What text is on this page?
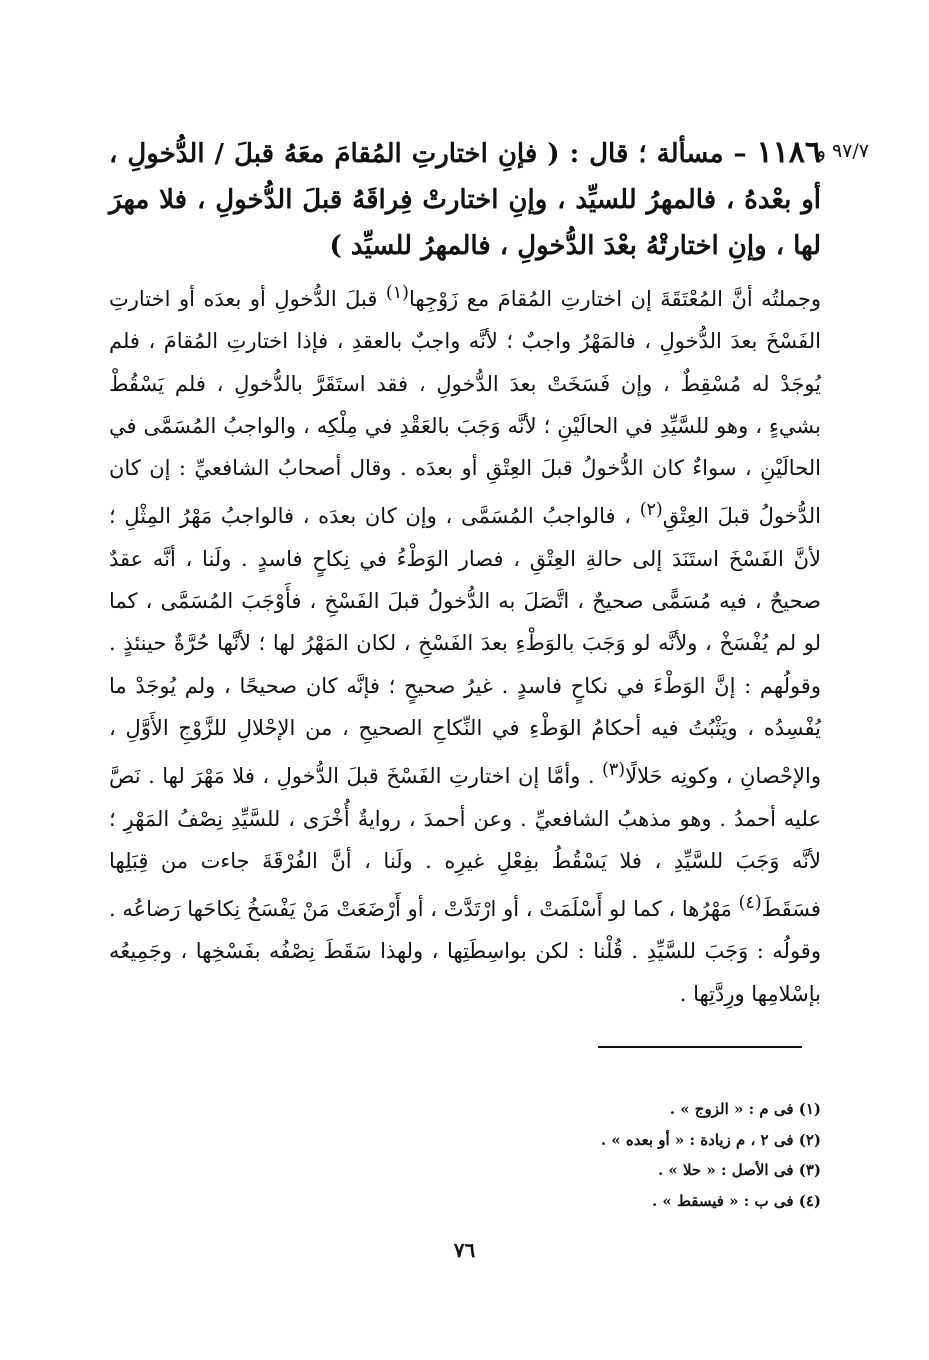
٩٧/٧ و
١١٨٦ – مسألة ؛ قال : ( فإنِ اختارتِ المُقامَ معَهُ قبلَ / الدُّخولِ ، أو بعْدهُ ، فالمهرُ للسيِّد ، وإنِ اختارتْ فِراقَهُ قبلَ الدُّخولِ ، فلا مهرَ لها ، وإنِ اختارتْهُ بعْدَ الدُّخولِ ، فالمهرُ للسيِّد )
وجملتُه أنَّ المُعْتَقَةَ إن اختارتِ المُقامَ مع زَوْجِها$^{(١)}$ قبلَ الدُّخولِ أو بعدَه أو اختارتِ الفَسْخَ بعدَ الدُّخولِ ، فالمَهْرُ واجبٌ ؛ لأنَّه واجبٌ بالعقدِ ، فإذا اختارتِ المُقامَ ، فلم يُوجَدْ له مُسْقِطٌ ، وإن فَسَخَتْ بعدَ الدُّخولِ ، فقد استَقَرَّ بالدُّخولِ ، فلم يَسْقُطْ بشيءٍ ، وهو للسَّيِّدِ في الحالَيْنِ ؛ لأنَّه وَجَبَ بالعَقْدِ في مِلْكِه ، والواجبُ المُسَمَّى في الحالَيْنِ ، سواءٌ كان الدُّخولُ قبلَ العِتْقِ أو بعدَه . وقال أصحابُ الشافعيِّ : إن كان الدُّخولُ قبلَ العِتْقِ$^{(٢)}$ ، فالواجبُ المُسَمَّى ، وإن كان بعدَه ، فالواجبُ مَهْرُ المِثْلِ ؛ لأنَّ الفَسْخَ استَنَدَ إلى حالةِ العِتْقِ ، فصار الوَطْءُ في نِكاحٍ فاسدٍ . ولَنا ، أنَّه عقدٌ صحيحٌ ، فيه مُسَمًّى صحيحٌ ، اتَّصَلَ به الدُّخولُ قبلَ الفَسْخِ ، فأَوْجَبَ المُسَمَّى ، كما لو لم يُفْسَخْ ، ولأنَّه لو وَجَبَ بالوَطْءِ بعدَ الفَسْخِ ، لكان المَهْرُ لها ؛ لأنَّها حُرَّةٌ حينئذٍ . وقولُهم : إنَّ الوَطْءَ في نكاحٍ فاسدٍ . غيرُ صحيحٍ ؛ فإنَّه كان صحيحًا ، ولم يُوجَدْ ما يُفْسِدُه ، ويَثْبُتُ فيه أحكامُ الوَطْءِ في النِّكاحِ الصحيحِ ، من الإحْلالِ للزَّوْجِ الأَوَّلِ ، والإحْصانِ ، وكونِه حَلالًا$^{(٣)}$ . وأمَّا إن اختارتِ الفَسْخَ قبلَ الدُّخولِ ، فلا مَهْرَ لها . نَصَّ عليه أحمدُ . وهو مذهبُ الشافعيِّ . وعن أحمدَ ، روايةٌ أُخْرَى ، للسَّيِّدِ نِصْفُ المَهْرِ ؛ لأنَّه وَجَبَ للسَّيِّدِ ، فلا يَسْقُطُ بفِعْلِ غيرِه . ولَنا ، أنَّ الفُرْقَةَ جاءت من قِبَلِها فسَقَطَ$^{(٤)}$ مَهْرُها ، كما لو أَسْلَمَتْ ، أو ارْتَدَّتْ ، أو أَرْضَعَتْ مَنْ يَفْسَخُ نِكاحَها رَضاعُه . وقولُه : وَجَبَ للسَّيِّدِ . قُلْنا : لكن بواسِطَتِها ، ولهذا سَقَطَ نِصْفُه بفَسْخِها ، وجَمِيعُه بإسْلامِها ورِدَّتِها .
(١) فى م : « الزوج » .
(٢) فى ٢ ، م زيادة : « أو بعده » .
(٣) فى الأصل : « حلا » .
(٤) فى ب : « فيسقط » .
٧٦
